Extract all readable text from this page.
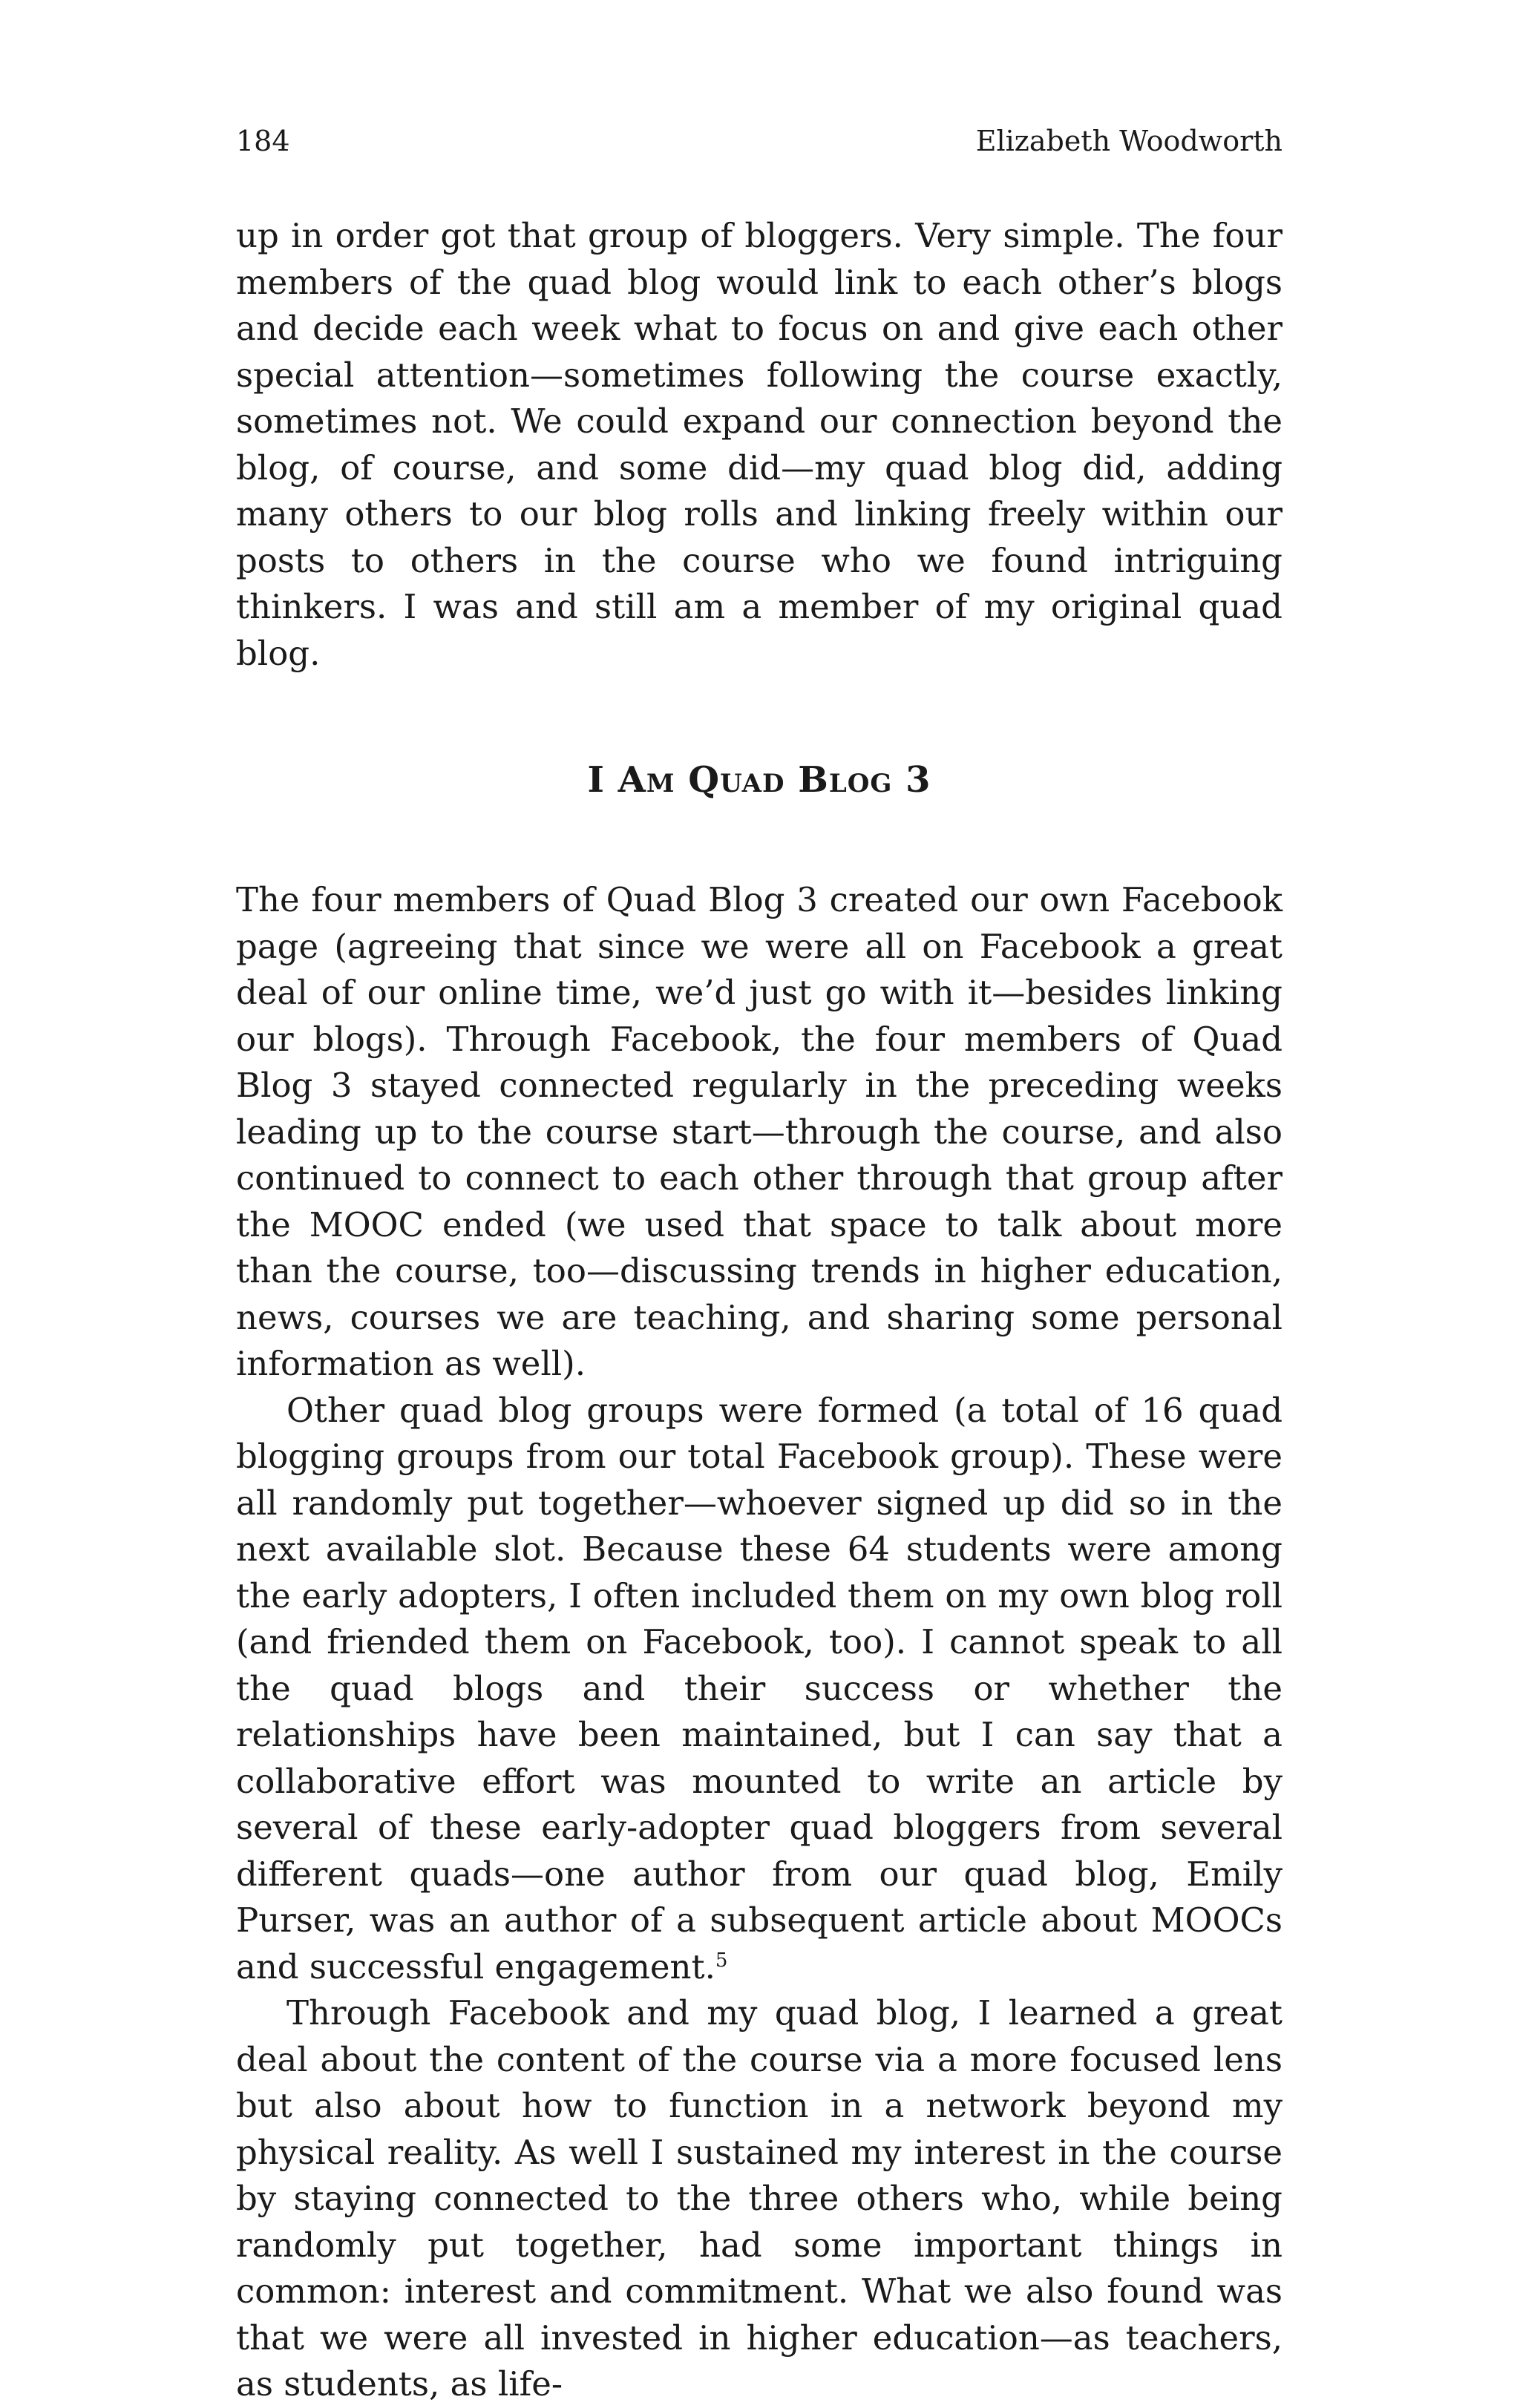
184	Elizabeth Woodworth

up in order got that group of bloggers. Very simple. The four members of the quad blog would link to each other’s blogs and decide each week what to focus on and give each other special attention—sometimes following the course exactly, sometimes not. We could expand our connection beyond the blog, of course, and some did—my quad blog did, adding many others to our blog rolls and linking freely within our posts to others in the course who we found intriguing thinkers. I was and still am a member of my original quad blog.

I Am Quad Blog 3

The four members of Quad Blog 3 created our own Facebook page (agreeing that since we were all on Facebook a great deal of our online time, we’d just go with it—besides linking our blogs). Through Facebook, the four members of Quad Blog 3 stayed connected regularly in the preceding weeks leading up to the course start—through the course, and also continued to connect to each other through that group after the MOOC ended (we used that space to talk about more than the course, too—discussing trends in higher education, news, courses we are teaching, and sharing some personal information as well).

Other quad blog groups were formed (a total of 16 quad blogging groups from our total Facebook group). These were all randomly put together—whoever signed up did so in the next available slot. Because these 64 students were among the early adopters, I often included them on my own blog roll (and friended them on Facebook, too). I cannot speak to all the quad blogs and their success or whether the relationships have been maintained, but I can say that a collaborative effort was mounted to write an article by several of these early-adopter quad bloggers from several different quads—one author from our quad blog, Emily Purser, was an author of a subsequent article about MOOCs and successful engagement.$^5$

Through Facebook and my quad blog, I learned a great deal about the content of the course via a more focused lens but also about how to function in a network beyond my physical reality. As well I sustained my interest in the course by staying connected to the three others who, while being randomly put together, had some important things in common: interest and commitment. What we also found was that we were all invested in higher education—as teachers, as students, as life-
